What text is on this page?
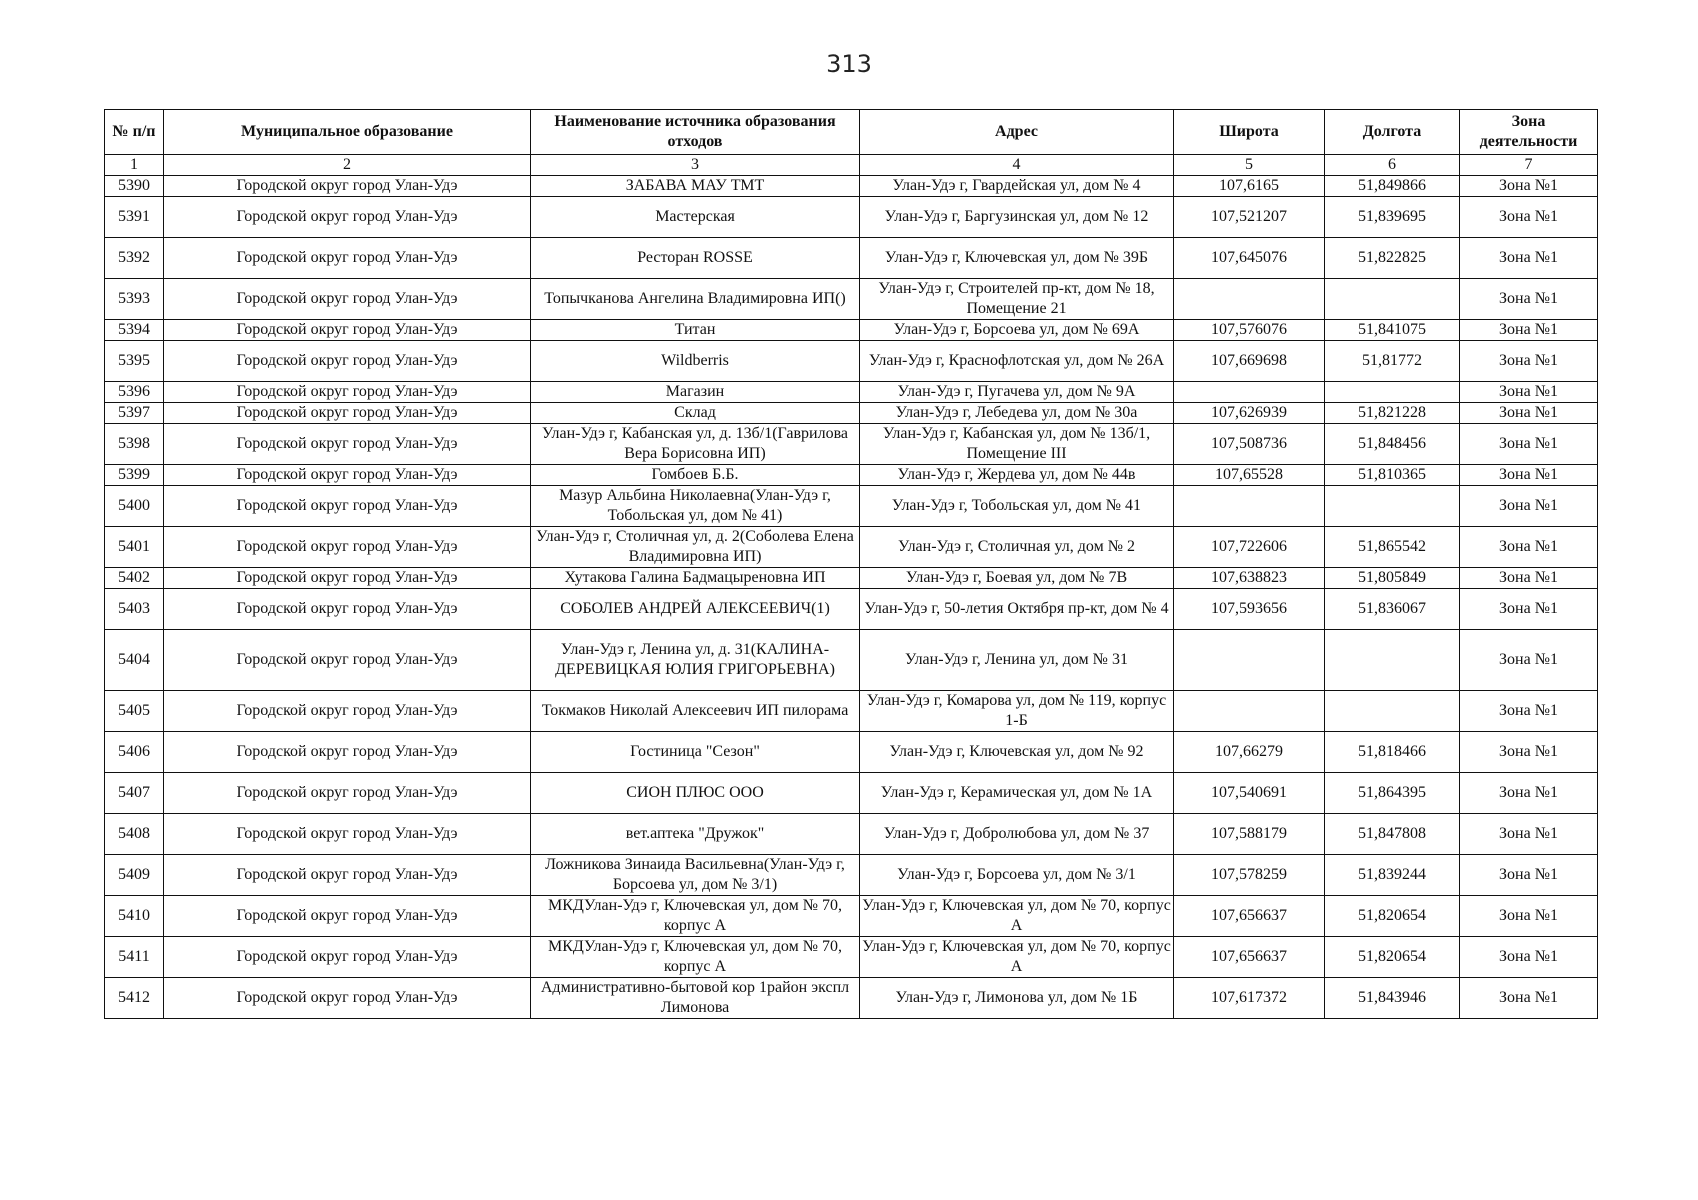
313
№ п/п	Муниципальное образование	Наименование источника образования отходов	Адрес	Широта	Долгота	Зона деятельности
1	2	3	4	5	6	7
5390	Городской округ город Улан-Удэ	ЗАБАВА МАУ ТМТ	Улан-Удэ г, Гвардейская ул, дом № 4	107,6165	51,849866	Зона №1
5391	Городской округ город Улан-Удэ	Мастерская	Улан-Удэ г, Баргузинская ул, дом № 12	107,521207	51,839695	Зона №1
5392	Городской округ город Улан-Удэ	Ресторан ROSSE	Улан-Удэ г, Ключевская ул, дом № 39Б	107,645076	51,822825	Зона №1
5393	Городской округ город Улан-Удэ	Топычканова Ангелина Владимировна ИП()	Улан-Удэ г, Строителей пр-кт, дом № 18, Помещение 21			Зона №1
5394	Городской округ город Улан-Удэ	Титан	Улан-Удэ г, Борсоева ул, дом № 69А	107,576076	51,841075	Зона №1
5395	Городской округ город Улан-Удэ	Wildberris	Улан-Удэ г, Краснофлотская ул, дом № 26А	107,669698	51,81772	Зона №1
5396	Городской округ город Улан-Удэ	Магазин	Улан-Удэ г, Пугачева ул, дом № 9А			Зона №1
5397	Городской округ город Улан-Удэ	Склад	Улан-Удэ г, Лебедева ул, дом № 30а	107,626939	51,821228	Зона №1
5398	Городской округ город Улан-Удэ	Улан-Удэ г, Кабанская ул, д. 13б/1(Гаврилова Вера Борисовна ИП)	Улан-Удэ г, Кабанская ул, дом № 13б/1, Помещение III	107,508736	51,848456	Зона №1
5399	Городской округ город Улан-Удэ	Гомбоев Б.Б.	Улан-Удэ г, Жердева ул, дом № 44в	107,65528	51,810365	Зона №1
5400	Городской округ город Улан-Удэ	Мазур Альбина Николаевна(Улан-Удэ г, Тобольская ул, дом № 41)	Улан-Удэ г, Тобольская ул, дом № 41			Зона №1
5401	Городской округ город Улан-Удэ	Улан-Удэ г, Столичная ул, д. 2(Соболева Елена Владимировна ИП)	Улан-Удэ г, Столичная ул, дом № 2	107,722606	51,865542	Зона №1
5402	Городской округ город Улан-Удэ	Хутакова Галина Бадмацыреновна ИП	Улан-Удэ г, Боевая ул, дом № 7В	107,638823	51,805849	Зона №1
5403	Городской округ город Улан-Удэ	СОБОЛЕВ АНДРЕЙ АЛЕКСЕЕВИЧ(1)	Улан-Удэ г, 50-летия Октября пр-кт, дом № 4	107,593656	51,836067	Зона №1
5404	Городской округ город Улан-Удэ	Улан-Удэ г, Ленина ул, д. 31(КАЛИНА-ДЕРЕВИЦКАЯ ЮЛИЯ ГРИГОРЬЕВНА)	Улан-Удэ г, Ленина ул, дом № 31			Зона №1
5405	Городской округ город Улан-Удэ	Токмаков Николай Алексеевич ИП пилорама	Улан-Удэ г, Комарова ул, дом № 119, корпус 1-Б			Зона №1
5406	Городской округ город Улан-Удэ	Гостиница "Сезон"	Улан-Удэ г, Ключевская ул, дом № 92	107,66279	51,818466	Зона №1
5407	Городской округ город Улан-Удэ	СИОН ПЛЮС ООО	Улан-Удэ г, Керамическая ул, дом № 1А	107,540691	51,864395	Зона №1
5408	Городской округ город Улан-Удэ	вет.аптека "Дружок"	Улан-Удэ г, Добролюбова ул, дом № 37	107,588179	51,847808	Зона №1
5409	Городской округ город Улан-Удэ	Ложникова Зинаида Васильевна(Улан-Удэ г, Борсоева ул, дом № 3/1)	Улан-Удэ г, Борсоева ул, дом № 3/1	107,578259	51,839244	Зона №1
5410	Городской округ город Улан-Удэ	МКДУлан-Удэ г, Ключевская ул, дом № 70, корпус А	Улан-Удэ г, Ключевская ул, дом № 70, корпус А	107,656637	51,820654	Зона №1
5411	Городской округ город Улан-Удэ	МКДУлан-Удэ г, Ключевская ул, дом № 70, корпус А	Улан-Удэ г, Ключевская ул, дом № 70, корпус А	107,656637	51,820654	Зона №1
5412	Городской округ город Улан-Удэ	Административно-бытовой кор 1район экспл Лимонова	Улан-Удэ г, Лимонова ул, дом № 1Б	107,617372	51,843946	Зона №1
